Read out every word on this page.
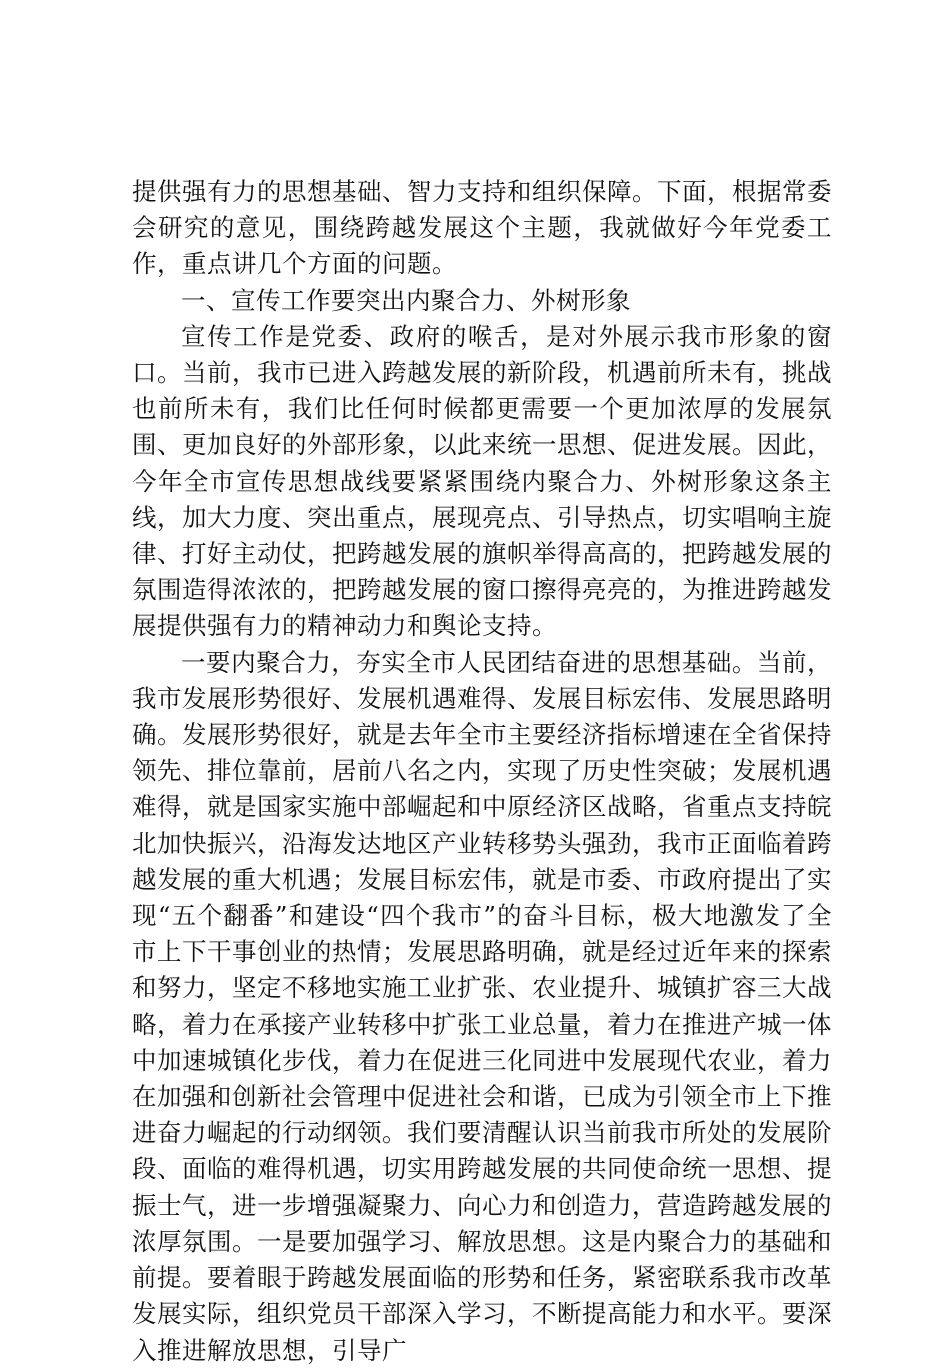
提供强有力的思想基础、智力支持和组织保障。下面，根据常委会研究的意见，围绕跨越发展这个主题，我就做好今年党委工作，重点讲几个方面的问题。

一、宣传工作要突出内聚合力、外树形象

宣传工作是党委、政府的喉舌，是对外展示我市形象的窗口。当前，我市已进入跨越发展的新阶段，机遇前所未有，挑战也前所未有，我们比任何时候都更需要一个更加浓厚的发展氛围、更加良好的外部形象，以此来统一思想、促进发展。因此，今年全市宣传思想战线要紧紧围绕内聚合力、外树形象这条主线，加大力度、突出重点，展现亮点、引导热点，切实唱响主旋律、打好主动仗，把跨越发展的旗帜举得高高的，把跨越发展的氛围造得浓浓的，把跨越发展的窗口擦得亮亮的，为推进跨越发展提供强有力的精神动力和舆论支持。

一要内聚合力，夯实全市人民团结奋进的思想基础。当前，我市发展形势很好、发展机遇难得、发展目标宏伟、发展思路明确。发展形势很好，就是去年全市主要经济指标增速在全省保持领先、排位靠前，居前八名之内，实现了历史性突破；发展机遇难得，就是国家实施中部崛起和中原经济区战略，省重点支持皖北加快振兴，沿海发达地区产业转移势头强劲，我市正面临着跨越发展的重大机遇；发展目标宏伟，就是市委、市政府提出了实现“五个翻番”和建设“四个我市”的奋斗目标，极大地激发了全市上下干事创业的热情；发展思路明确，就是经过近年来的探索和努力，坚定不移地实施工业扩张、农业提升、城镇扩容三大战略，着力在承接产业转移中扩张工业总量，着力在推进产城一体中加速城镇化步伐，着力在促进三化同进中发展现代农业，着力在加强和创新社会管理中促进社会和谐，已成为引领全市上下推进奋力崛起的行动纲领。我们要清醒认识当前我市所处的发展阶段、面临的难得机遇，切实用跨越发展的共同使命统一思想、提振士气，进一步增强凝聚力、向心力和创造力，营造跨越发展的浓厚氛围。一是要加强学习、解放思想。这是内聚合力的基础和前提。要着眼于跨越发展面临的形势和任务，紧密联系我市改革发展实际，组织党员干部深入学习，不断提高能力和水平。要深入推进解放思想，引导广
